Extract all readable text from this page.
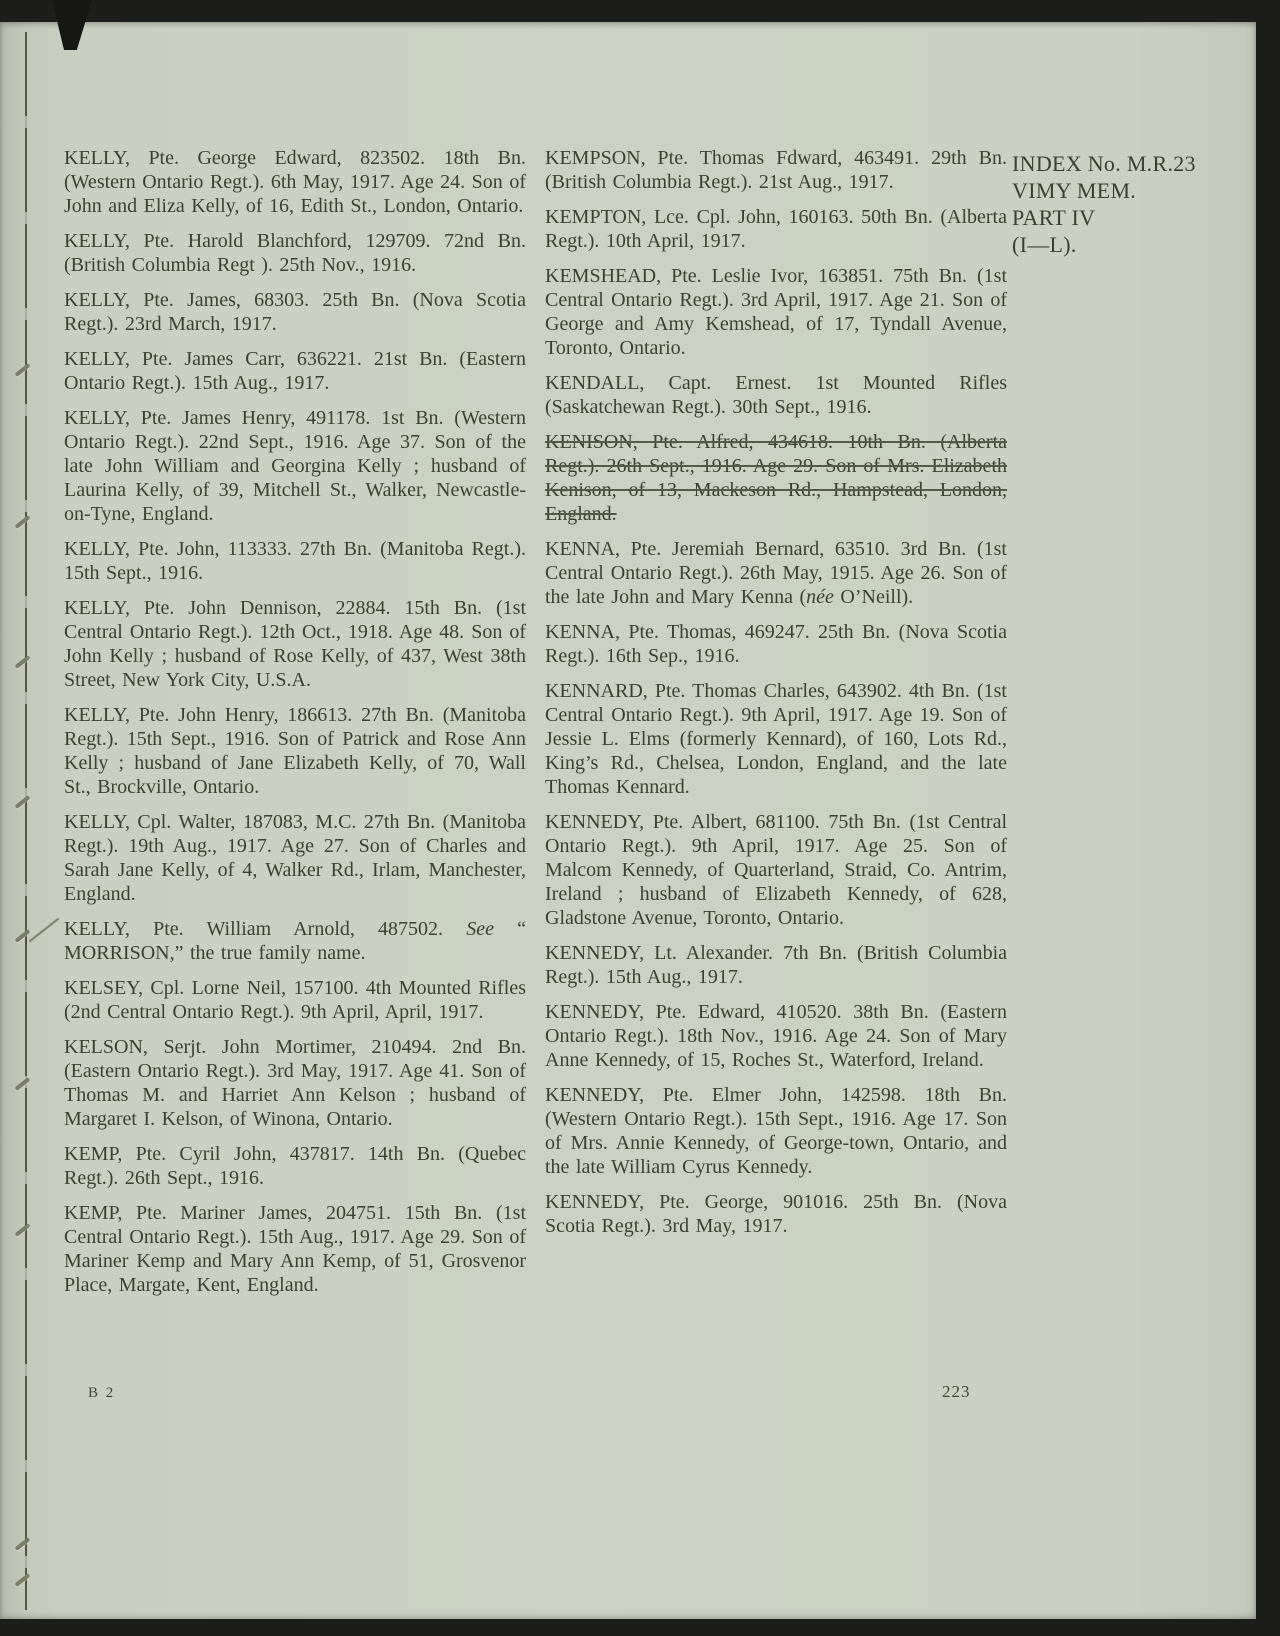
KELLY, Pte. George Edward, 823502. 18th Bn. (Western Ontario Regt.). 6th May, 1917. Age 24. Son of John and Eliza Kelly, of 16, Edith St., London, Ontario.

KELLY, Pte. Harold Blanchford, 129709. 72nd Bn. (British Columbia Regt ). 25th Nov., 1916.

KELLY, Pte. James, 68303. 25th Bn. (Nova Scotia Regt.). 23rd March, 1917.

KELLY, Pte. James Carr, 636221. 21st Bn. (Eastern Ontario Regt.). 15th Aug., 1917.

KELLY, Pte. James Henry, 491178. 1st Bn. (Western Ontario Regt.). 22nd Sept., 1916. Age 37. Son of the late John William and Georgina Kelly ; husband of Laurina Kelly, of 39, Mitchell St., Walker, Newcastle-on-Tyne, England.

KELLY, Pte. John, 113333. 27th Bn. (Manitoba Regt.). 15th Sept., 1916.

KELLY, Pte. John Dennison, 22884. 15th Bn. (1st Central Ontario Regt.). 12th Oct., 1918. Age 48. Son of John Kelly ; husband of Rose Kelly, of 437, West 38th Street, New York City, U.S.A.

KELLY, Pte. John Henry, 186613. 27th Bn. (Manitoba Regt.). 15th Sept., 1916. Son of Patrick and Rose Ann Kelly ; husband of Jane Elizabeth Kelly, of 70, Wall St., Brockville, Ontario.

KELLY, Cpl. Walter, 187083, M.C. 27th Bn. (Manitoba Regt.). 19th Aug., 1917. Age 27. Son of Charles and Sarah Jane Kelly, of 4, Walker Rd., Irlam, Manchester, England.

KELLY, Pte. William Arnold, 487502. See “ MORRISON,” the true family name.

KELSEY, Cpl. Lorne Neil, 157100. 4th Mounted Rifles (2nd Central Ontario Regt.). 9th April, April, 1917.

KELSON, Serjt. John Mortimer, 210494. 2nd Bn. (Eastern Ontario Regt.). 3rd May, 1917. Age 41. Son of Thomas M. and Harriet Ann Kelson ; husband of Margaret I. Kelson, of Winona, Ontario.

KEMP, Pte. Cyril John, 437817. 14th Bn. (Quebec Regt.). 26th Sept., 1916.

KEMP, Pte. Mariner James, 204751. 15th Bn. (1st Central Ontario Regt.). 15th Aug., 1917. Age 29. Son of Mariner Kemp and Mary Ann Kemp, of 51, Grosvenor Place, Margate, Kent, England.

KEMPSON, Pte. Thomas Fdward, 463491. 29th Bn. (British Columbia Regt.). 21st Aug., 1917.

KEMPTON, Lce. Cpl. John, 160163. 50th Bn. (Alberta Regt.). 10th April, 1917.

KEMSHEAD, Pte. Leslie Ivor, 163851. 75th Bn. (1st Central Ontario Regt.). 3rd April, 1917. Age 21. Son of George and Amy Kemshead, of 17, Tyndall Avenue, Toronto, Ontario.

KENDALL, Capt. Ernest. 1st Mounted Rifles (Saskatchewan Regt.). 30th Sept., 1916.

KENISON, Pte. Alfred, 434618. 10th Bn. (Alberta Regt.). 26th Sept., 1916. Age 29. Son of Mrs. Elizabeth Kenison, of 13, Mackeson Rd., Hampstead, London, England.

KENNA, Pte. Jeremiah Bernard, 63510. 3rd Bn. (1st Central Ontario Regt.). 26th May, 1915. Age 26. Son of the late John and Mary Kenna (née O’Neill).

KENNA, Pte. Thomas, 469247. 25th Bn. (Nova Scotia Regt.). 16th Sep., 1916.

KENNARD, Pte. Thomas Charles, 643902. 4th Bn. (1st Central Ontario Regt.). 9th April, 1917. Age 19. Son of Jessie L. Elms (formerly Kennard), of 160, Lots Rd., King’s Rd., Chelsea, London, England, and the late Thomas Kennard.

KENNEDY, Pte. Albert, 681100. 75th Bn. (1st Central Ontario Regt.). 9th April, 1917. Age 25. Son of Malcom Kennedy, of Quarterland, Straid, Co. Antrim, Ireland ; husband of Elizabeth Kennedy, of 628, Gladstone Avenue, Toronto, Ontario.

KENNEDY, Lt. Alexander. 7th Bn. (British Columbia Regt.). 15th Aug., 1917.

KENNEDY, Pte. Edward, 410520. 38th Bn. (Eastern Ontario Regt.). 18th Nov., 1916. Age 24. Son of Mary Anne Kennedy, of 15, Roches St., Waterford, Ireland.

KENNEDY, Pte. Elmer John, 142598. 18th Bn. (Western Ontario Regt.). 15th Sept., 1916. Age 17. Son of Mrs. Annie Kennedy, of George-town, Ontario, and the late William Cyrus Kennedy.

KENNEDY, Pte. George, 901016. 25th Bn. (Nova Scotia Regt.). 3rd May, 1917.

INDEX No. M.R.23
VIMY MEM.
PART IV
(I—L).
B 2	223
